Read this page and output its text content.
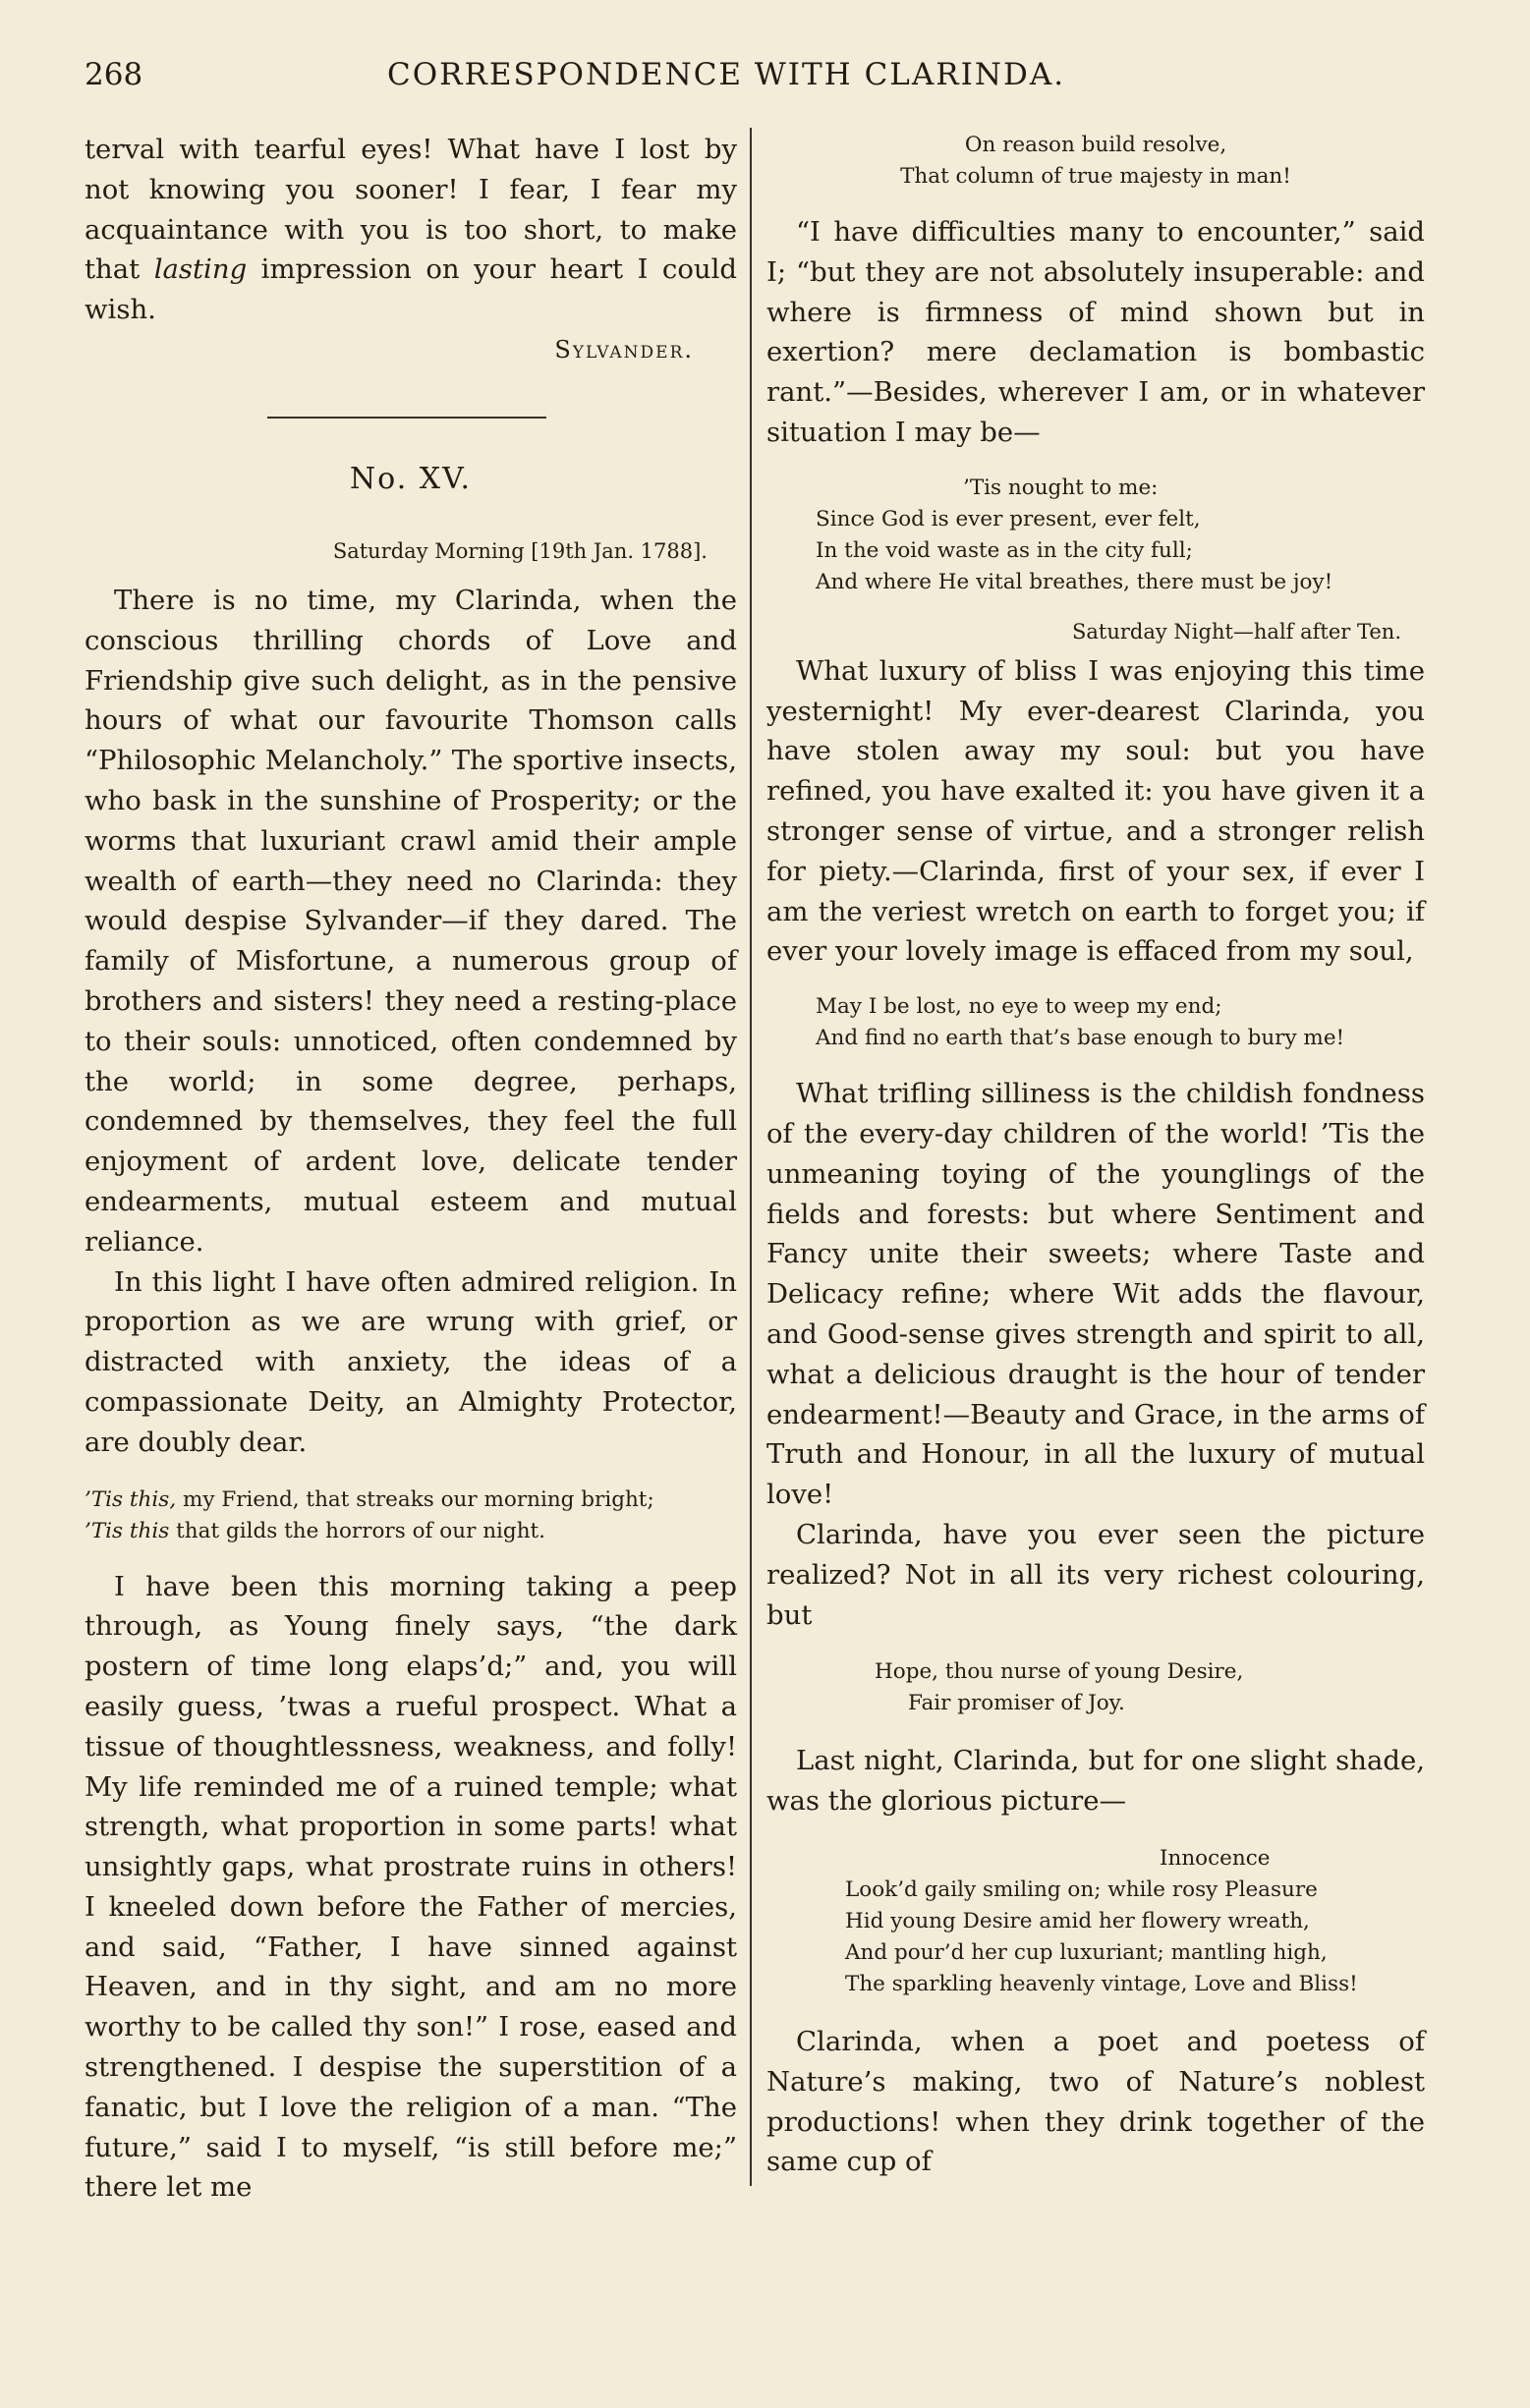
268	CORRESPONDENCE WITH CLARINDA.

terval with tearful eyes! What have I lost by not knowing you sooner! I fear, I fear my acquaintance with you is too short, to make that lasting impression on your heart I could wish.

Sylvander.

No. XV.

Saturday Morning [19th Jan. 1788].

There is no time, my Clarinda, when the conscious thrilling chords of Love and Friendship give such delight, as in the pensive hours of what our favourite Thomson calls “Philosophic Melancholy.” The sportive insects, who bask in the sunshine of Prosperity; or the worms that luxuriant crawl amid their ample wealth of earth—they need no Clarinda: they would despise Sylvander—if they dared. The family of Misfortune, a numerous group of brothers and sisters! they need a resting-place to their souls: unnoticed, often condemned by the world; in some degree, perhaps, condemned by themselves, they feel the full enjoyment of ardent love, delicate tender endearments, mutual esteem and mutual reliance.

In this light I have often admired religion. In proportion as we are wrung with grief, or distracted with anxiety, the ideas of a compassionate Deity, an Almighty Protector, are doubly dear.

’Tis this, my Friend, that streaks our morning bright;
’Tis this that gilds the horrors of our night.

I have been this morning taking a peep through, as Young finely says, “the dark postern of time long elaps’d;” and, you will easily guess, ’twas a rueful prospect. What a tissue of thoughtlessness, weakness, and folly! My life reminded me of a ruined temple; what strength, what proportion in some parts! what unsightly gaps, what prostrate ruins in others! I kneeled down before the Father of mercies, and said, “Father, I have sinned against Heaven, and in thy sight, and am no more worthy to be called thy son!” I rose, eased and strengthened. I despise the superstition of a fanatic, but I love the religion of a man. “The future,” said I to myself, “is still before me;” there let me

On reason build resolve,
That column of true majesty in man!

“I have difficulties many to encounter,” said I; “but they are not absolutely insuperable: and where is firmness of mind shown but in exertion? mere declamation is bombastic rant.”—Besides, wherever I am, or in whatever situation I may be—

’Tis nought to me:
Since God is ever present, ever felt,
In the void waste as in the city full;
And where He vital breathes, there must be joy!

Saturday Night—half after Ten.

What luxury of bliss I was enjoying this time yesternight! My ever-dearest Clarinda, you have stolen away my soul: but you have refined, you have exalted it: you have given it a stronger sense of virtue, and a stronger relish for piety.—Clarinda, first of your sex, if ever I am the veriest wretch on earth to forget you; if ever your lovely image is effaced from my soul,

May I be lost, no eye to weep my end;
And find no earth that’s base enough to bury me!

What trifling silliness is the childish fondness of the every-day children of the world! ’Tis the unmeaning toying of the younglings of the fields and forests: but where Sentiment and Fancy unite their sweets; where Taste and Delicacy refine; where Wit adds the flavour, and Good-sense gives strength and spirit to all, what a delicious draught is the hour of tender endearment!—Beauty and Grace, in the arms of Truth and Honour, in all the luxury of mutual love!

Clarinda, have you ever seen the picture realized? Not in all its very richest colouring, but

Hope, thou nurse of young Desire,
Fair promiser of Joy.

Last night, Clarinda, but for one slight shade, was the glorious picture—

Innocence
Look’d gaily smiling on; while rosy Pleasure
Hid young Desire amid her flowery wreath,
And pour’d her cup luxuriant; mantling high,
The sparkling heavenly vintage, Love and Bliss!

Clarinda, when a poet and poetess of Nature’s making, two of Nature’s noblest productions! when they drink together of the same cup of
